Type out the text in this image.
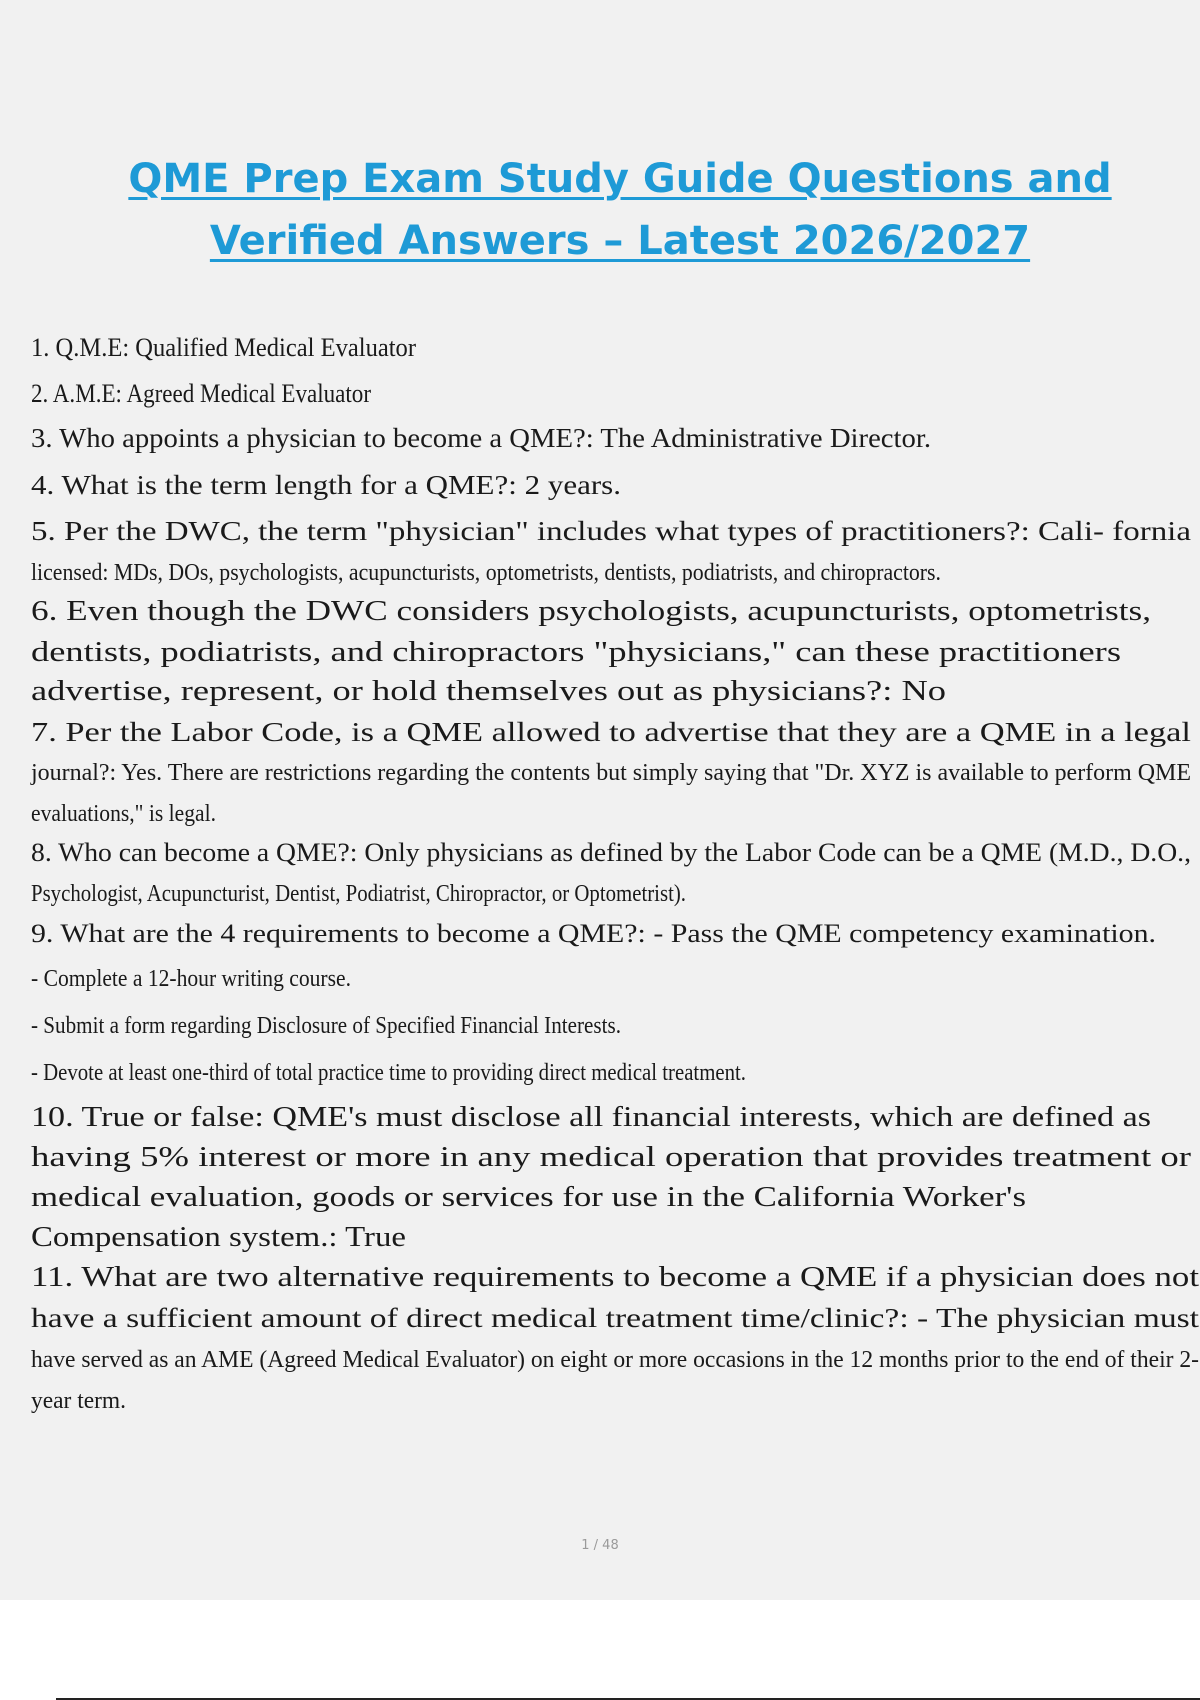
QME Prep Exam Study Guide Questions and
Verified Answers – Latest 2026/2027
1. Q.M.E: Qualified Medical Evaluator
2. A.M.E: Agreed Medical Evaluator
3. Who appoints a physician to become a QME?: The Administrative Director.
4. What is the term length for a QME?: 2 years.
5. Per the DWC, the term "physician" includes what types of practitioners?: Cali- fornia
licensed: MDs, DOs, psychologists, acupuncturists, optometrists, dentists, podiatrists, and chiropractors.
6. Even though the DWC considers psychologists, acupuncturists, optometrists,
dentists, podiatrists, and chiropractors "physicians," can these practitioners
advertise, represent, or hold themselves out as physicians?: No
7. Per the Labor Code, is a QME allowed to advertise that they are a QME in a legal
journal?: Yes. There are restrictions regarding the contents but simply saying that "Dr. XYZ is available to perform QME
evaluations," is legal.
8. Who can become a QME?: Only physicians as defined by the Labor Code can be a QME (M.D., D.O.,
Psychologist, Acupuncturist, Dentist, Podiatrist, Chiropractor, or Optometrist).
9. What are the 4 requirements to become a QME?: - Pass the QME competency examination.
- Complete a 12-hour writing course.
- Submit a form regarding Disclosure of Specified Financial Interests.
- Devote at least one-third of total practice time to providing direct medical treatment.
10. True or false: QME's must disclose all financial interests, which are defined as
having 5% interest or more in any medical operation that provides treatment or
medical evaluation, goods or services for use in the California Worker's
Compensation system.: True
11. What are two alternative requirements to become a QME if a physician does not
have a sufficient amount of direct medical treatment time/clinic?: - The physician must
have served as an AME (Agreed Medical Evaluator) on eight or more occasions in the 12 months prior to the end of their 2-
year term.
1 / 48
